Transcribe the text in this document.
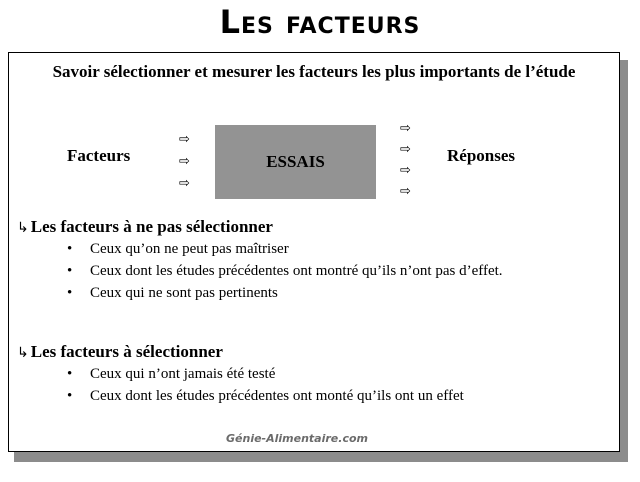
Les facteurs
Savoir sélectionner et mesurer les facteurs les plus importants de l’étude
Facteurs
⇨
⇨
⇨
ESSAIS
⇨
⇨
⇨
⇨
Réponses
↳ Les facteurs à ne pas sélectionner
• Ceux qu’on ne peut pas maîtriser
• Ceux dont les études précédentes ont montré qu’ils n’ont pas d’effet.
• Ceux qui ne sont pas pertinents
↳ Les facteurs à sélectionner
• Ceux qui n’ont jamais été testé
• Ceux dont les études précédentes ont monté qu’ils ont un effet
Génie-Alimentaire.com
